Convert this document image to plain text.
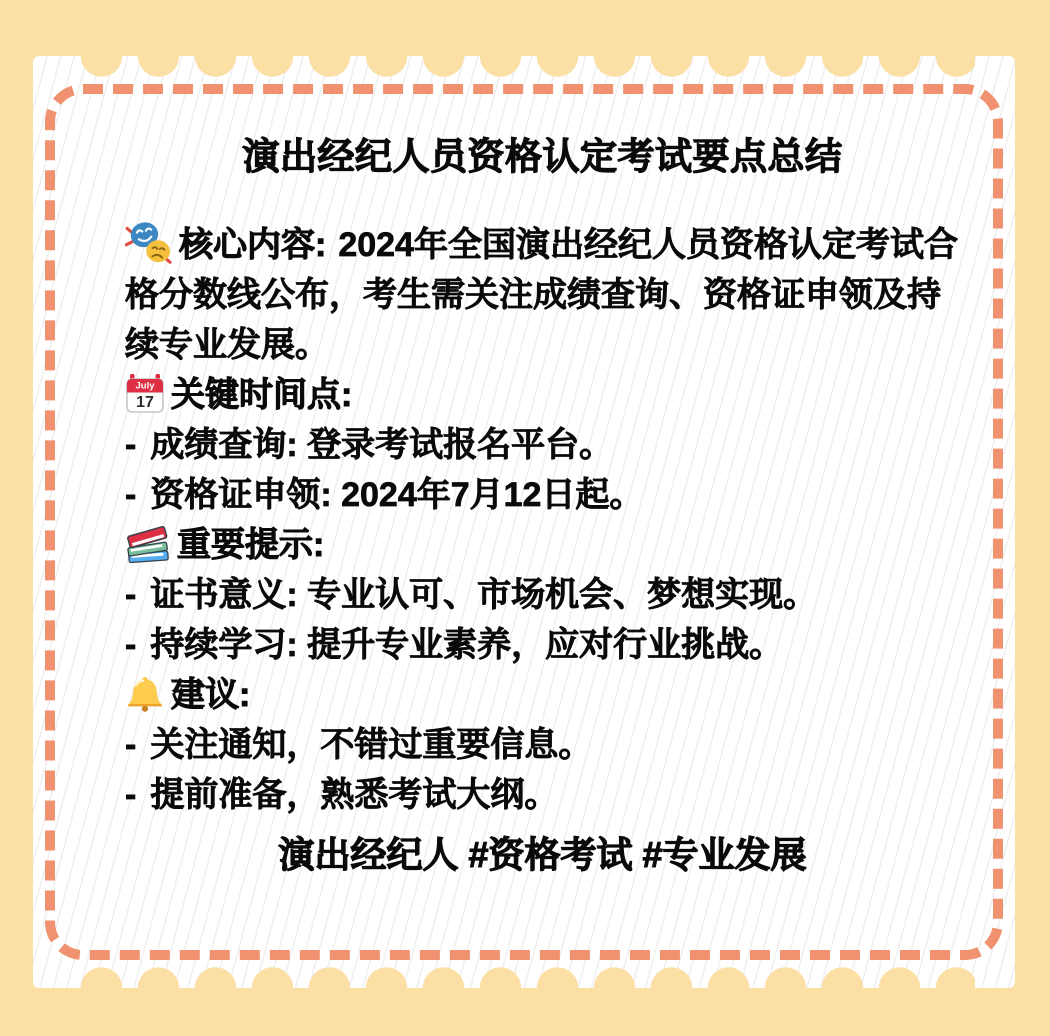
演出经纪人员资格认定考试要点总结

核心内容: 2024年全国演出经纪人员资格认定考试合格分数线公布，考生需关注成绩查询、资格证申领及持续专业发展。

July
17 关键时间点:

- 成绩查询: 登录考试报名平台。

- 资格证申领: 2024年7月12日起。

重要提示:

- 证书意义: 专业认可、市场机会、梦想实现。

- 持续学习: 提升专业素养，应对行业挑战。

建议:

- 关注通知，不错过重要信息。

- 提前准备，熟悉考试大纲。

演出经纪人 #资格考试 #专业发展
